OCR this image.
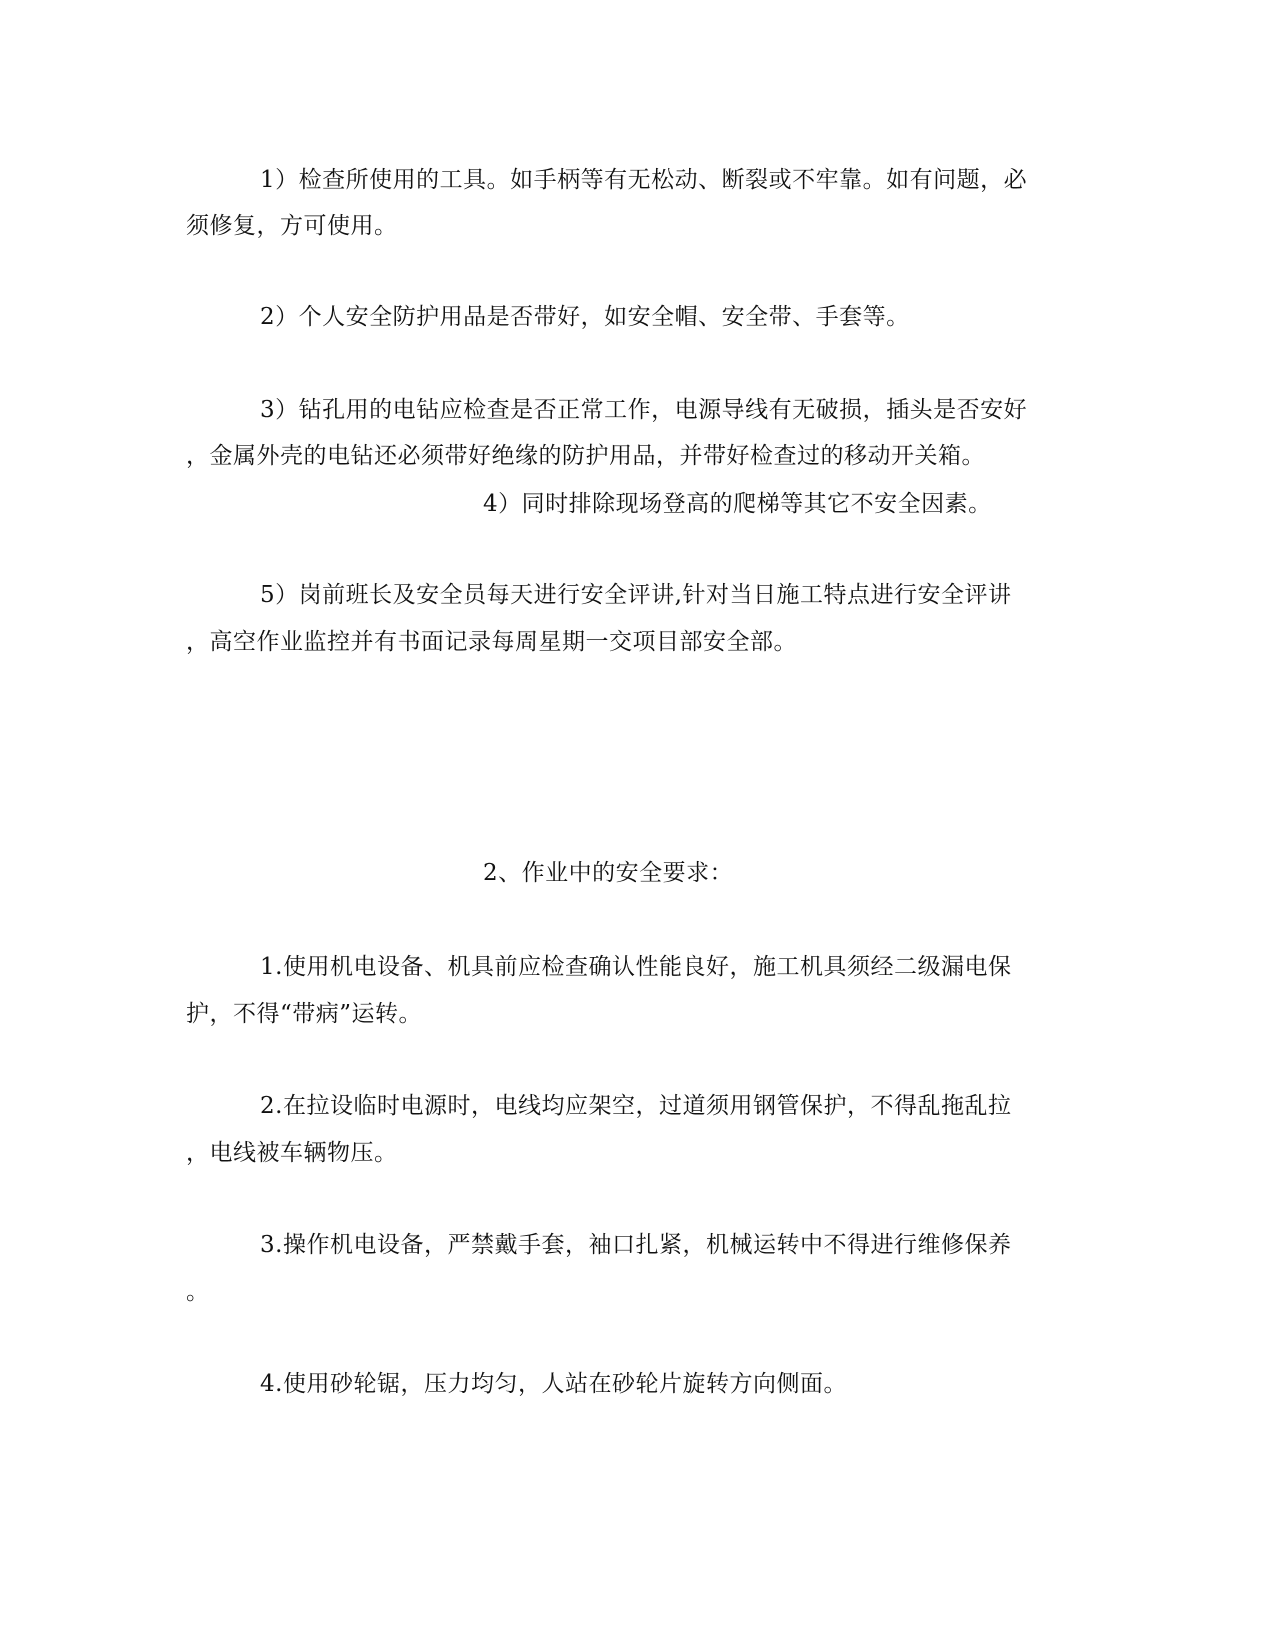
1）检查所使用的工具。如手柄等有无松动、断裂或不牢靠。如有问题，必
须修复，方可使用。
2）个人安全防护用品是否带好，如安全帽、安全带、手套等。
3）钻孔用的电钻应检查是否正常工作，电源导线有无破损，插头是否安好
，金属外壳的电钻还必须带好绝缘的防护用品，并带好检查过的移动开关箱。
4）同时排除现场登高的爬梯等其它不安全因素。
5）岗前班长及安全员每天进行安全评讲,针对当日施工特点进行安全评讲
，高空作业监控并有书面记录每周星期一交项目部安全部。
2、作业中的安全要求：
1.使用机电设备、机具前应检查确认性能良好，施工机具须经二级漏电保
护，不得“带病”运转。
2.在拉设临时电源时，电线均应架空，过道须用钢管保护，不得乱拖乱拉
，电线被车辆物压。
3.操作机电设备，严禁戴手套，袖口扎紧，机械运转中不得进行维修保养
。
4.使用砂轮锯，压力均匀，人站在砂轮片旋转方向侧面。
